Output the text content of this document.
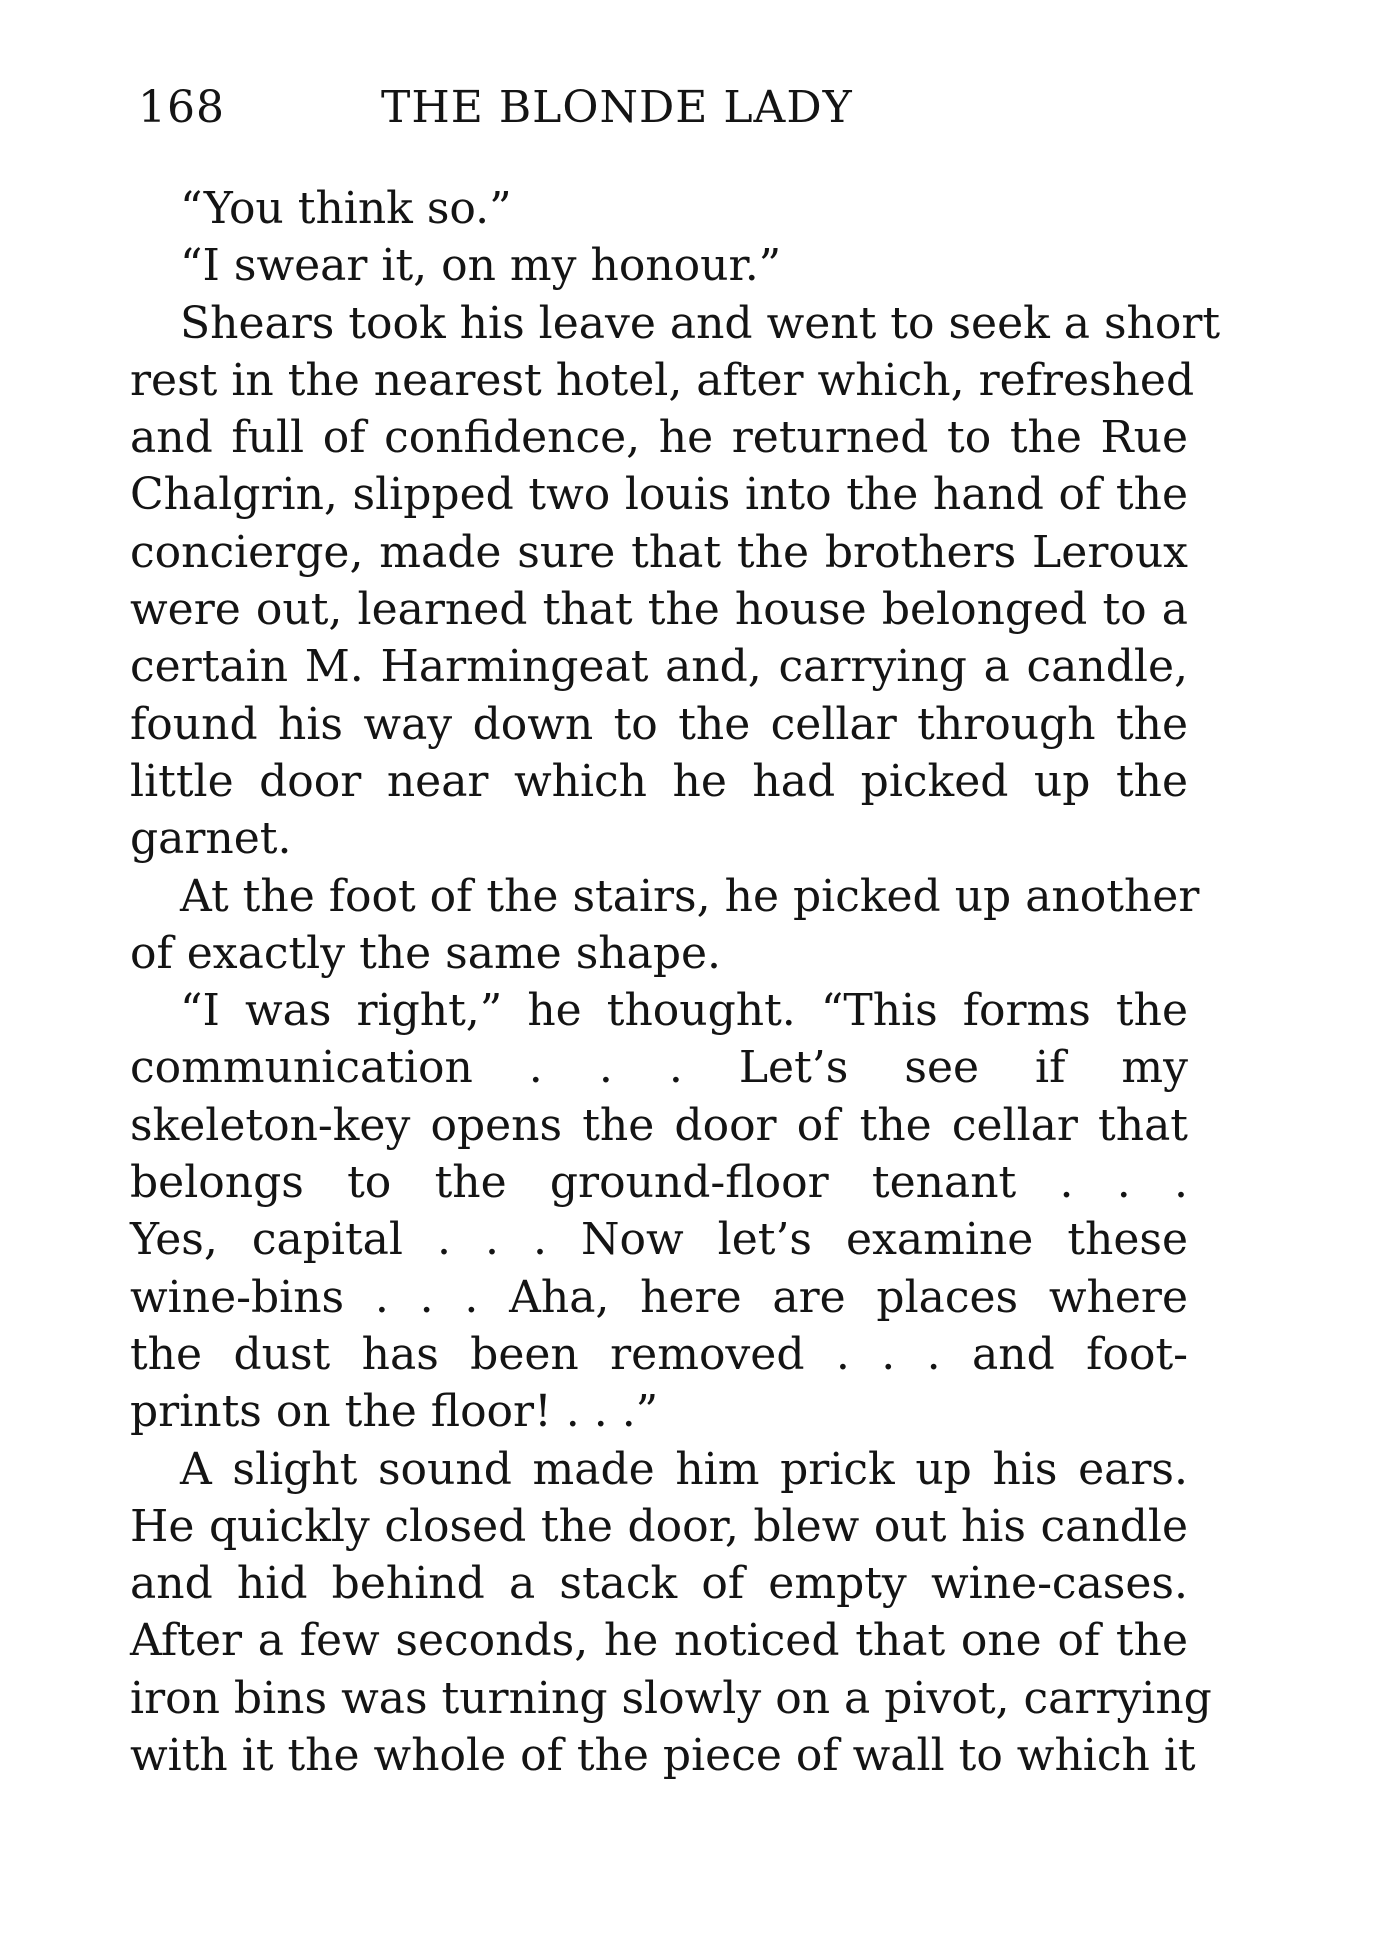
168	THE BLONDE LADY
“You think so.”
“I swear it, on my honour.”
Shears took his leave and went to seek a short
rest in the nearest hotel, after which, refreshed
and full of confidence, he returned to the Rue
Chalgrin, slipped two louis into the hand of the
concierge, made sure that the brothers Leroux
were out, learned that the house belonged to a
certain M. Harmingeat and, carrying a candle,
found his way down to the cellar through the
little door near which he had picked up the
garnet.
At the foot of the stairs, he picked up another
of exactly the same shape.
“I was right,” he thought. “This forms the
communication . . . Let’s see if my
skeleton-key opens the door of the cellar that
belongs to the ground-floor tenant . . .
Yes, capital . . . Now let’s examine these
wine-bins . . . Aha, here are places where
the dust has been removed . . . and foot-
prints on the floor! . . .”
A slight sound made him prick up his ears.
He quickly closed the door, blew out his candle
and hid behind a stack of empty wine-cases.
After a few seconds, he noticed that one of the
iron bins was turning slowly on a pivot, carrying
with it the whole of the piece of wall to which it
